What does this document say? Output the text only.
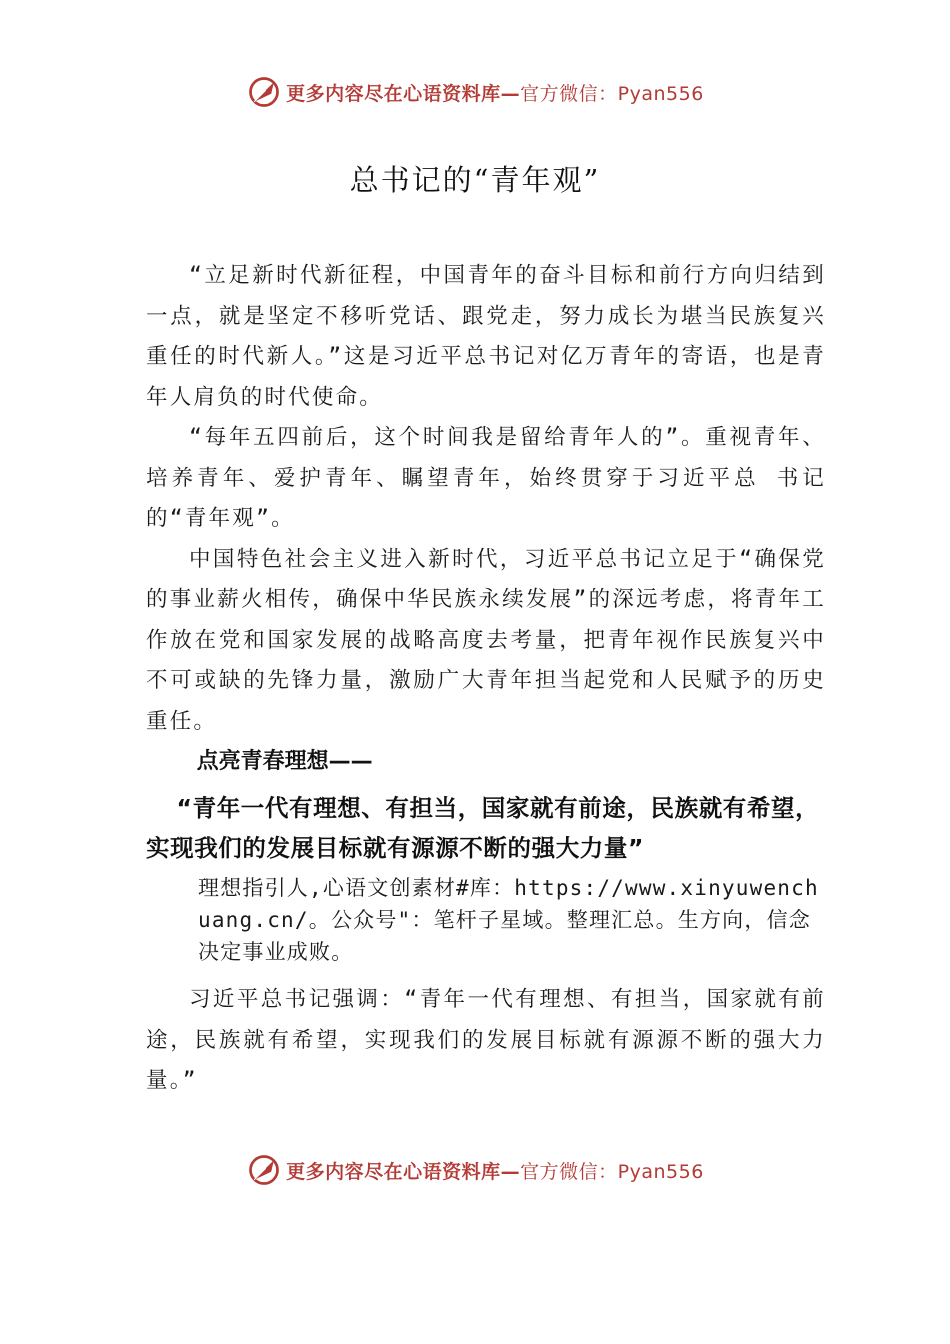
更多内容尽在心语资料库—官方微信：Pyan556
总书记的“青年观”

“立足新时代新征程，中国青年的奋斗目标和前行方向归结到一点，就是坚定不移听党话、跟党走，努力成长为堪当民族复兴重任的时代新人。”这是习近平总书记对亿万青年的寄语，也是青年人肩负的时代使命。

“每年五四前后，这个时间我是留给青年人的”。重视青年、培养青年、爱护青年、瞩望青年，始终贯穿于习近平总 书记的“青年观”。

中国特色社会主义进入新时代，习近平总书记立足于“确保党的事业薪火相传，确保中华民族永续发展”的深远考虑，将青年工作放在党和国家发展的战略高度去考量，把青年视作民族复兴中不可或缺的先锋力量，激励广大青年担当起党和人民赋予的历史重任。

点亮青春理想——

“青年一代有理想、有担当，国家就有前途，民族就有希望，实现我们的发展目标就有源源不断的强大力量”

理想指引人,心语文创素材#库：https://www.xinyuwenchuang.cn/。公众号"：笔杆子星域。整理汇总。生方向，信念决定事业成败。

习近平总书记强调：“青年一代有理想、有担当，国家就有前途，民族就有希望，实现我们的发展目标就有源源不断的强大力量。”

更多内容尽在心语资料库—官方微信：Pyan556
